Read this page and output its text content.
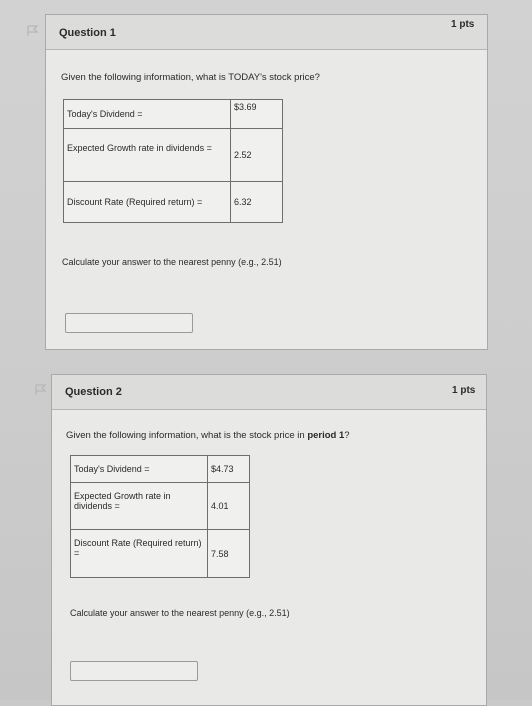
Question 1
1 pts
Given the following information, what is TODAY's stock price?
Today's Dividend =	$3.69
Expected Growth rate in dividends =	2.52
Discount Rate (Required return) =	6.32
Calculate your answer to the nearest penny (e.g., 2.51)
Question 2	1 pts
Given the following information, what is the stock price in period 1?
Today's Dividend =	$4.73
Expected Growth rate in dividends =	4.01
Discount Rate (Required return) =	7.58
Calculate your answer to the nearest penny (e.g., 2.51)
